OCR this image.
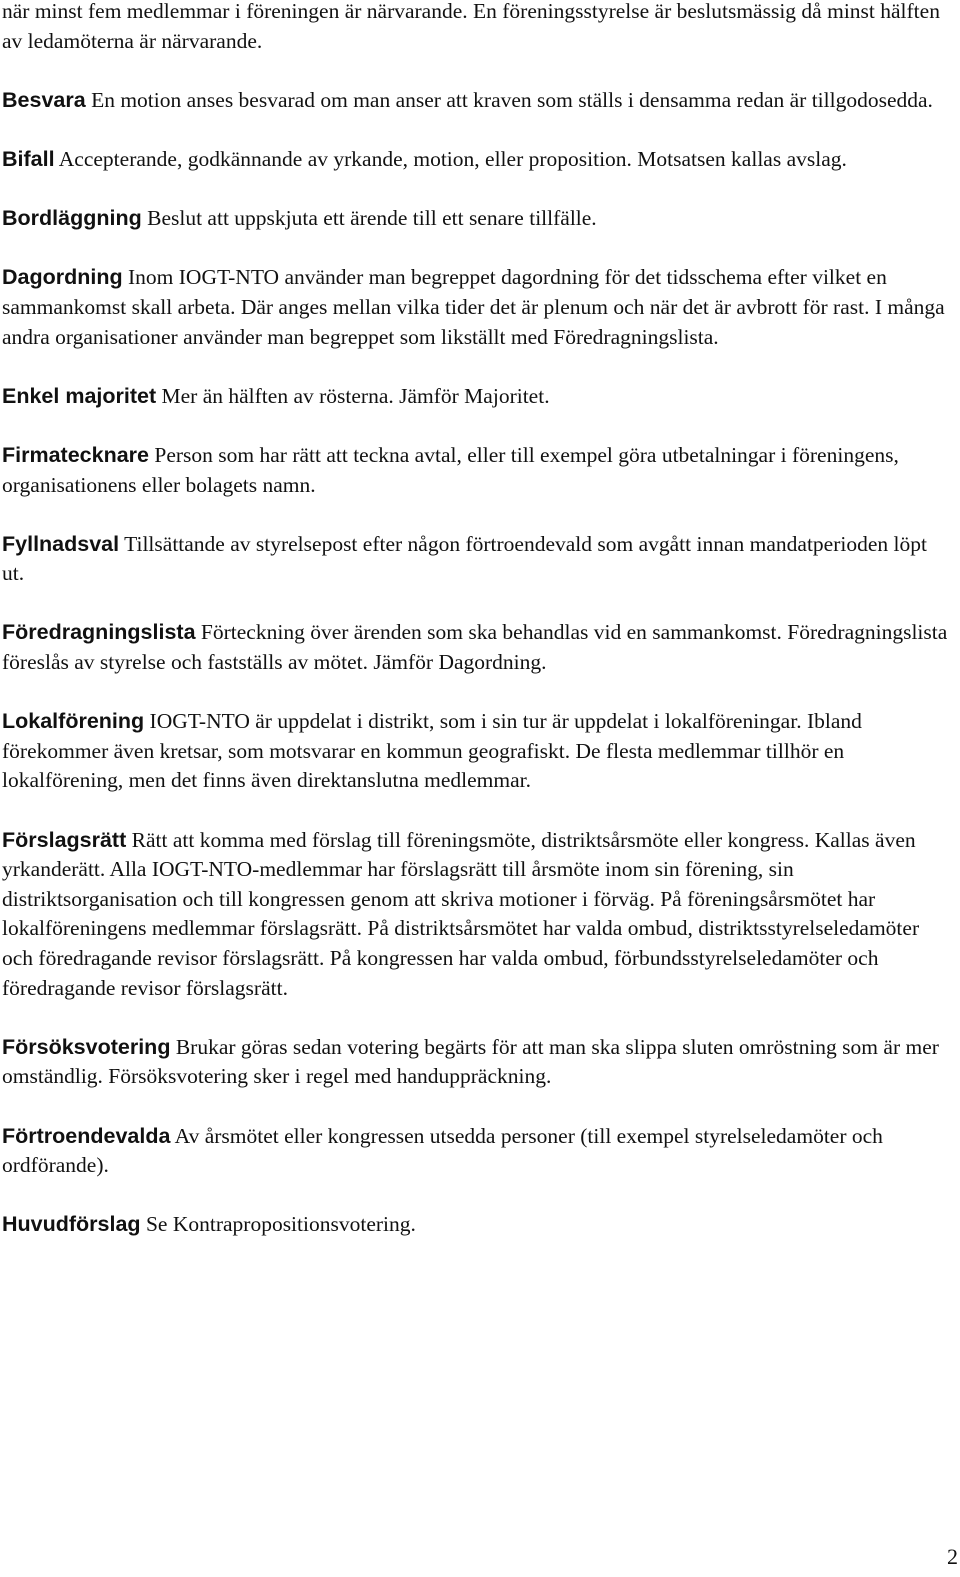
när minst fem medlemmar i föreningen är närvarande. En föreningsstyrelse är beslutsmässig då minst hälften av ledamöterna är närvarande.

Besvara En motion anses besvarad om man anser att kraven som ställs i densamma redan är tillgodosedda.

Bifall Accepterande, godkännande av yrkande, motion, eller proposition. Motsatsen kallas avslag.

Bordläggning Beslut att uppskjuta ett ärende till ett senare tillfälle.

Dagordning Inom IOGT-NTO använder man begreppet dagordning för det tidsschema efter vilket en sammankomst skall arbeta. Där anges mellan vilka tider det är plenum och när det är avbrott för rast. I många andra organisationer använder man begreppet som likställt med Föredragningslista.

Enkel majoritet Mer än hälften av rösterna. Jämför Majoritet.

Firmatecknare Person som har rätt att teckna avtal, eller till exempel göra utbetalningar i föreningens, organisationens eller bolagets namn.

Fyllnadsval Tillsättande av styrelsepost efter någon förtroendevald som avgått innan mandatperioden löpt ut.

Föredragningslista Förteckning över ärenden som ska behandlas vid en sammankomst. Föredragningslista föreslås av styrelse och fastställs av mötet. Jämför Dagordning.

Lokalförening IOGT-NTO är uppdelat i distrikt, som i sin tur är uppdelat i lokalföreningar. Ibland förekommer även kretsar, som motsvarar en kommun geografiskt. De flesta medlemmar tillhör en lokalförening, men det finns även direktanslutna medlemmar.

Förslagsrätt Rätt att komma med förslag till föreningsmöte, distriktsårsmöte eller kongress. Kallas även yrkanderätt. Alla IOGT-NTO-medlemmar har förslagsrätt till årsmöte inom sin förening, sin distriktsorganisation och till kongressen genom att skriva motioner i förväg. På föreningsårsmötet har lokalföreningens medlemmar förslagsrätt. På distriktsårsmötet har valda ombud, distriktsstyrelseledamöter och föredragande revisor förslagsrätt. På kongressen har valda ombud, förbundsstyrelseledamöter och föredragande revisor förslagsrätt.

Försöksvotering Brukar göras sedan votering begärts för att man ska slippa sluten omröstning som är mer omständlig. Försöksvotering sker i regel med handuppräckning.

Förtroendevalda Av årsmötet eller kongressen utsedda personer (till exempel styrelseledamöter och ordförande).

Huvudförslag Se Kontrapropositionsvotering.

2
